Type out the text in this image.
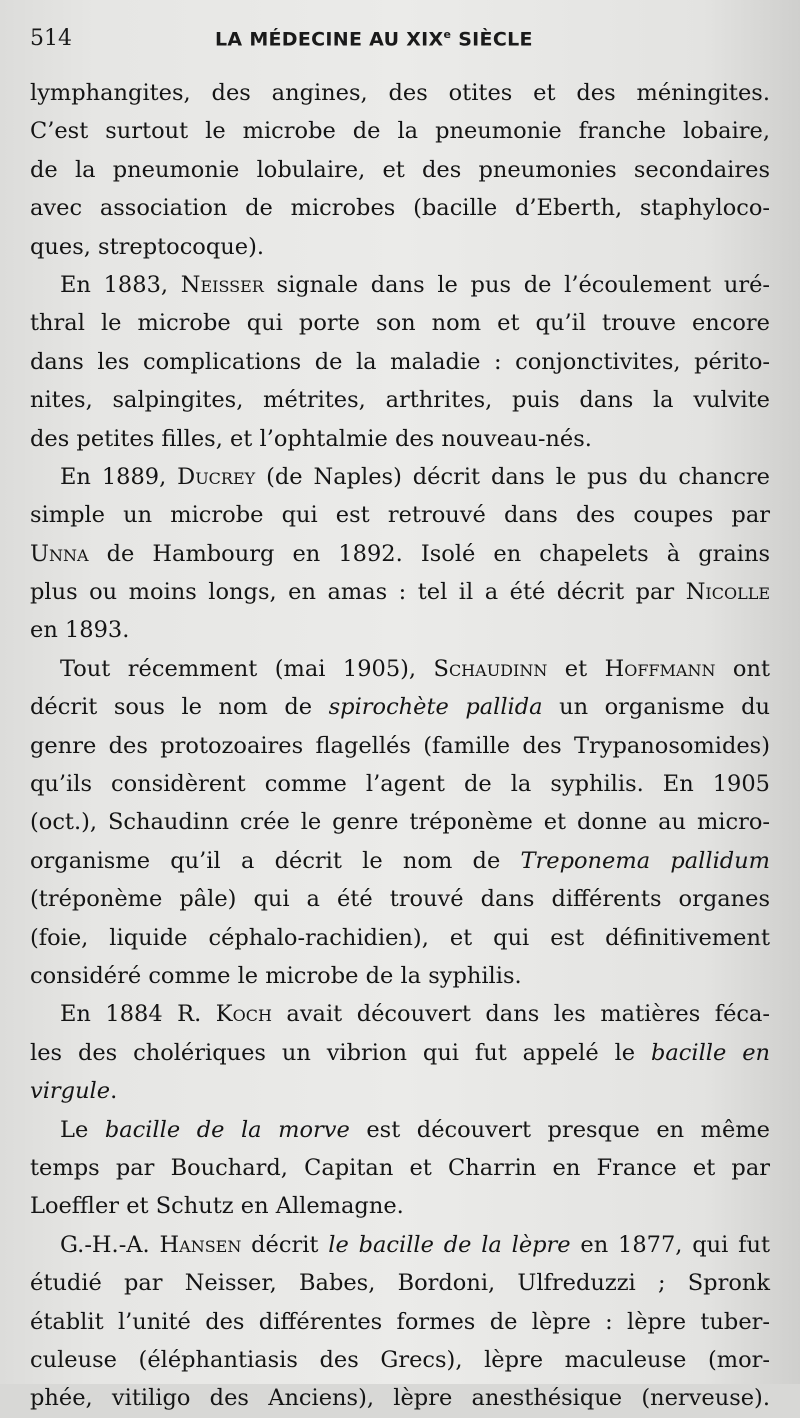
514	LA MÉDECINE AU XIXe SIÈCLE
lymphangites, des angines, des otites et des méningites.
C’est surtout le microbe de la pneumonie franche lobaire,
de la pneumonie lobulaire, et des pneumonies secondaires
avec association de microbes (bacille d’Eberth, staphyloco-
ques, streptocoque).
En 1883, Neisser signale dans le pus de l’écoulement uré-
thral le microbe qui porte son nom et qu’il trouve encore
dans les complications de la maladie : conjonctivites, périto-
nites, salpingites, métrites, arthrites, puis dans la vulvite
des petites filles, et l’ophtalmie des nouveau-nés.
En 1889, Ducrey (de Naples) décrit dans le pus du chancre
simple un microbe qui est retrouvé dans des coupes par
Unna de Hambourg en 1892. Isolé en chapelets à grains
plus ou moins longs, en amas : tel il a été décrit par Nicolle
en 1893.
Tout récemment (mai 1905), Schaudinn et Hoffmann ont
décrit sous le nom de spirochète pallida un organisme du
genre des protozoaires flagellés (famille des Trypanosomides)
qu’ils considèrent comme l’agent de la syphilis. En 1905
(oct.), Schaudinn crée le genre tréponème et donne au micro-
organisme qu’il a décrit le nom de Treponema pallidum
(tréponème pâle) qui a été trouvé dans différents organes
(foie, liquide céphalo-rachidien), et qui est définitivement
considéré comme le microbe de la syphilis.
En 1884 R. Koch avait découvert dans les matières féca-
les des cholériques un vibrion qui fut appelé le bacille en
virgule.
Le bacille de la morve est découvert presque en même
temps par Bouchard, Capitan et Charrin en France et par
Loeffler et Schutz en Allemagne.
G.-H.-A. Hansen décrit le bacille de la lèpre en 1877, qui fut
étudié par Neisser, Babes, Bordoni, Ulfreduzzi ; Spronk
établit l’unité des différentes formes de lèpre : lèpre tuber-
culeuse (éléphantiasis des Grecs), lèpre maculeuse (mor-
phée, vitiligo des Anciens), lèpre anesthésique (nerveuse).
